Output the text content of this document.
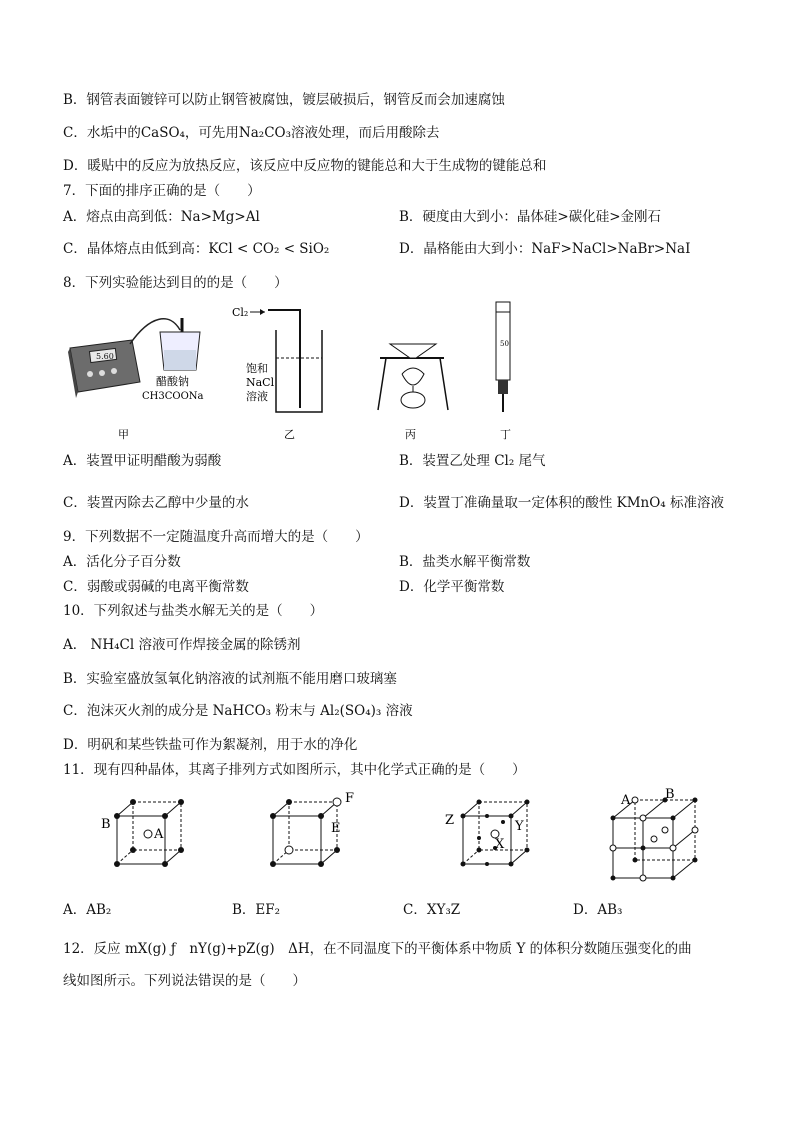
B．钢管表面镀锌可以防止钢管被腐蚀，镀层破损后，钢管反而会加速腐蚀
C．水垢中的CaSO₄，可先用Na₂CO₃溶液处理，而后用酸除去
D．暖贴中的反应为放热反应，该反应中反应物的键能总和大于生成物的键能总和
7．下面的排序正确的是（　　）
A．熔点由高到低：Na>Mg>Al	B．硬度由大到小：晶体硅>碳化硅>金刚石
C．晶体熔点由低到高：KCl < CO₂ < SiO₂	D．晶格能由大到小：NaF>NaCl>NaBr>NaI
8．下列实验能达到目的的是（　　）
5.60
醋酸钠
CH3COONa
Cl₂
饱和
NaCl
溶液
50
甲	乙	丙	丁
A．装置甲证明醋酸为弱酸	B．装置乙处理 Cl₂ 尾气
C．装置丙除去乙醇中少量的水	D．装置丁准确量取一定体积的酸性 KMnO₄ 标准溶液
9．下列数据不一定随温度升高而增大的是（　　）
A．活化分子百分数	B．盐类水解平衡常数
C．弱酸或弱碱的电离平衡常数	D．化学平衡常数
10．下列叙述与盐类水解无关的是（　　）
A． NH₄Cl 溶液可作焊接金属的除锈剂
B．实验室盛放氢氧化钠溶液的试剂瓶不能用磨口玻璃塞
C．泡沫灭火剂的成分是 NaHCO₃ 粉末与 Al₂(SO₄)₃ 溶液
D．明矾和某些铁盐可作为絮凝剂，用于水的净化
11．现有四种晶体，其离子排列方式如图所示，其中化学式正确的是（　　）
B
A
F
E
Z	Y
X
A	B
A．AB₂	B．EF₂	C．XY₃Z	D．AB₃
12．反应 mX(g) ƒ　nY(g)+pZ(g)　ΔH，在不同温度下的平衡体系中物质 Y 的体积分数随压强变化的曲
线如图所示。下列说法错误的是（　　）
